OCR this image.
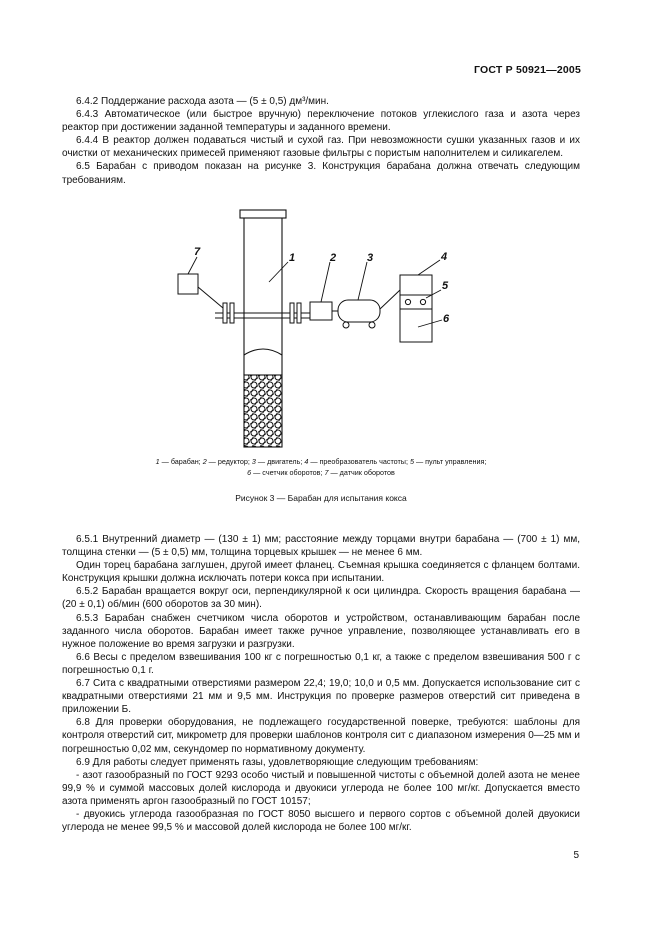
ГОСТ Р 50921—2005

6.4.2 Поддержание расхода азота — (5 ± 0,5) дм³/мин.

6.4.3 Автоматическое (или быстрое вручную) переключение потоков углекислого газа и азота через реактор при достижении заданной температуры и заданного времени.

6.4.4 В реактор должен подаваться чистый и сухой газ. При невозможности сушки указанных газов и их очистки от механических примесей применяют газовые фильтры с пористым наполнителем и силикагелем.

6.5 Барабан с приводом показан на рисунке 3. Конструкция барабана должна отвечать следующим требованиям.

7	1	2	3	4
5
6
1 — барабан; 2 — редуктор; 3 — двигатель; 4 — преобразователь частоты; 5 — пульт управления;
6 — счетчик оборотов; 7 — датчик оборотов
Рисунок 3 — Барабан для испытания кокса

6.5.1 Внутренний диаметр — (130 ± 1) мм; расстояние между торцами внутри барабана — (700 ± 1) мм, толщина стенки — (5 ± 0,5) мм, толщина торцевых крышек — не менее 6 мм.

Один торец барабана заглушен, другой имеет фланец. Съемная крышка соединяется с фланцем болтами. Конструкция крышки должна исключать потери кокса при испытании.

6.5.2 Барабан вращается вокруг оси, перпендикулярной к оси цилиндра. Скорость вращения барабана — (20 ± 0,1) об/мин (600 оборотов за 30 мин).

6.5.3 Барабан снабжен счетчиком числа оборотов и устройством, останавливающим барабан после заданного числа оборотов. Барабан имеет также ручное управление, позволяющее устанавливать его в нужное положение во время загрузки и разгрузки.

6.6 Весы с пределом взвешивания 100 кг с погрешностью 0,1 кг, а также с пределом взвешивания 500 г с погрешностью 0,1 г.

6.7 Сита с квадратными отверстиями размером 22,4; 19,0; 10,0 и 0,5 мм. Допускается использование сит с квадратными отверстиями 21 мм и 9,5 мм. Инструкция по проверке размеров отверстий сит приведена в приложении Б.

6.8 Для проверки оборудования, не подлежащего государственной поверке, требуются: шаблоны для контроля отверстий сит, микрометр для проверки шаблонов контроля сит с диапазоном измерения 0—25 мм и погрешностью 0,02 мм, секундомер по нормативному документу.

6.9 Для работы следует применять газы, удовлетворяющие следующим требованиям:

- азот газообразный по ГОСТ 9293 особо чистый и повышенной чистоты с объемной долей азота не менее 99,9 % и суммой массовых долей кислорода и двуокиси углерода не более 100 мг/кг. Допускается вместо азота применять аргон газообразный по ГОСТ 10157;

- двуокись углерода газообразная по ГОСТ 8050 высшего и первого сортов с объемной долей двуокиси углерода не менее 99,5 % и массовой долей кислорода не более 100 мг/кг.

5
